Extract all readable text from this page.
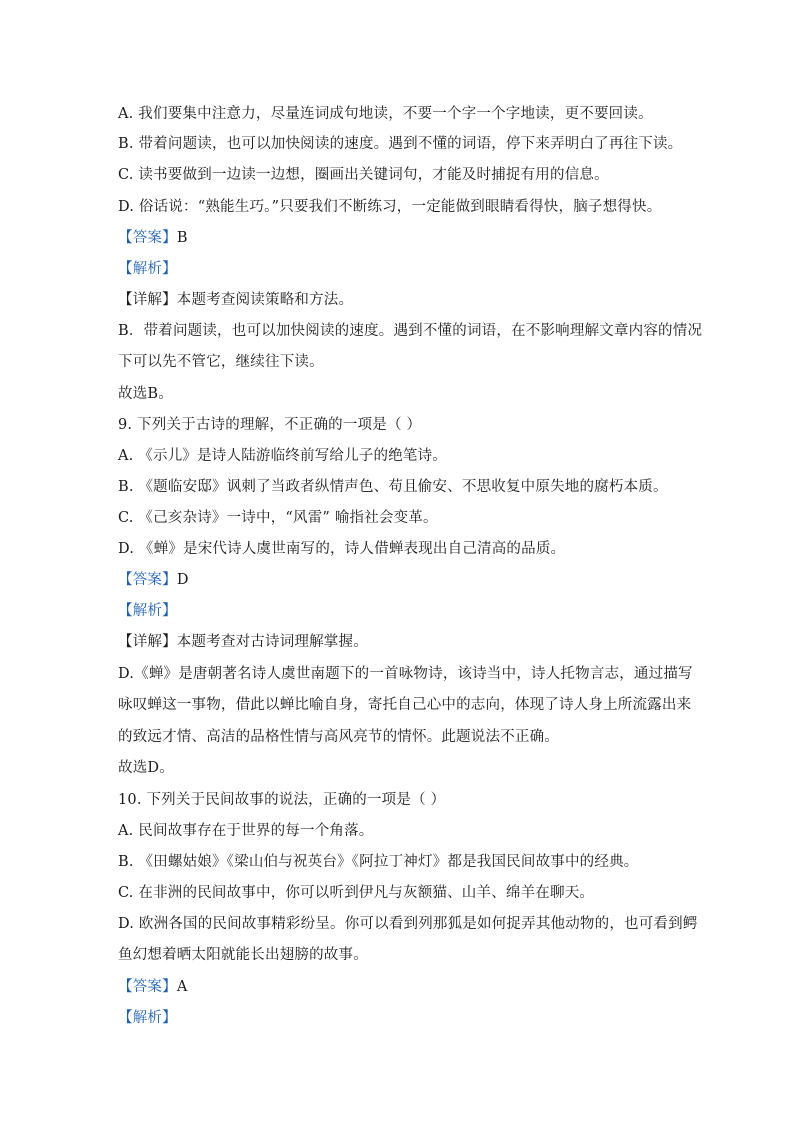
A. 我们要集中注意力，尽量连词成句地读，不要一个字一个字地读，更不要回读。
B. 带着问题读，也可以加快阅读的速度。遇到不懂的词语，停下来弄明白了再往下读。
C. 读书要做到一边读一边想，圈画出关键词句，才能及时捕捉有用的信息。
D. 俗话说：“熟能生巧。”只要我们不断练习，一定能做到眼睛看得快，脑子想得快。
【答案】B
【解析】
【详解】本题考查阅读策略和方法。
B．带着问题读，也可以加快阅读的速度。遇到不懂的词语，在不影响理解文章内容的情况
下可以先不管它，继续往下读。
故选B。
9. 下列关于古诗的理解，不正确的一项是（ ）
A. 《示儿》是诗人陆游临终前写给儿子的绝笔诗。
B. 《题临安邸》讽刺了当政者纵情声色、苟且偷安、不思收复中原失地的腐朽本质。
C. 《己亥杂诗》一诗中，“风雷” 喻指社会变革。
D. 《蝉》是宋代诗人虞世南写的，诗人借蝉表现出自己清高的品质。
【答案】D
【解析】
【详解】本题考查对古诗词理解掌握。
D.《蝉》是唐朝著名诗人虞世南题下的一首咏物诗，该诗当中，诗人托物言志，通过描写
咏叹蝉这一事物，借此以蝉比喻自身，寄托自己心中的志向，体现了诗人身上所流露出来
的致远才情、高洁的品格性情与高风亮节的情怀。此题说法不正确。
故选D。
10. 下列关于民间故事的说法，正确的一项是（ ）
A. 民间故事存在于世界的每一个角落。
B. 《田螺姑娘》《梁山伯与祝英台》《阿拉丁神灯》都是我国民间故事中的经典。
C. 在非洲的民间故事中，你可以听到伊凡与灰额猫、山羊、绵羊在聊天。
D. 欧洲各国的民间故事精彩纷呈。你可以看到列那狐是如何捉弄其他动物的，也可看到鳄
鱼幻想着晒太阳就能长出翅膀的故事。
【答案】A
【解析】
